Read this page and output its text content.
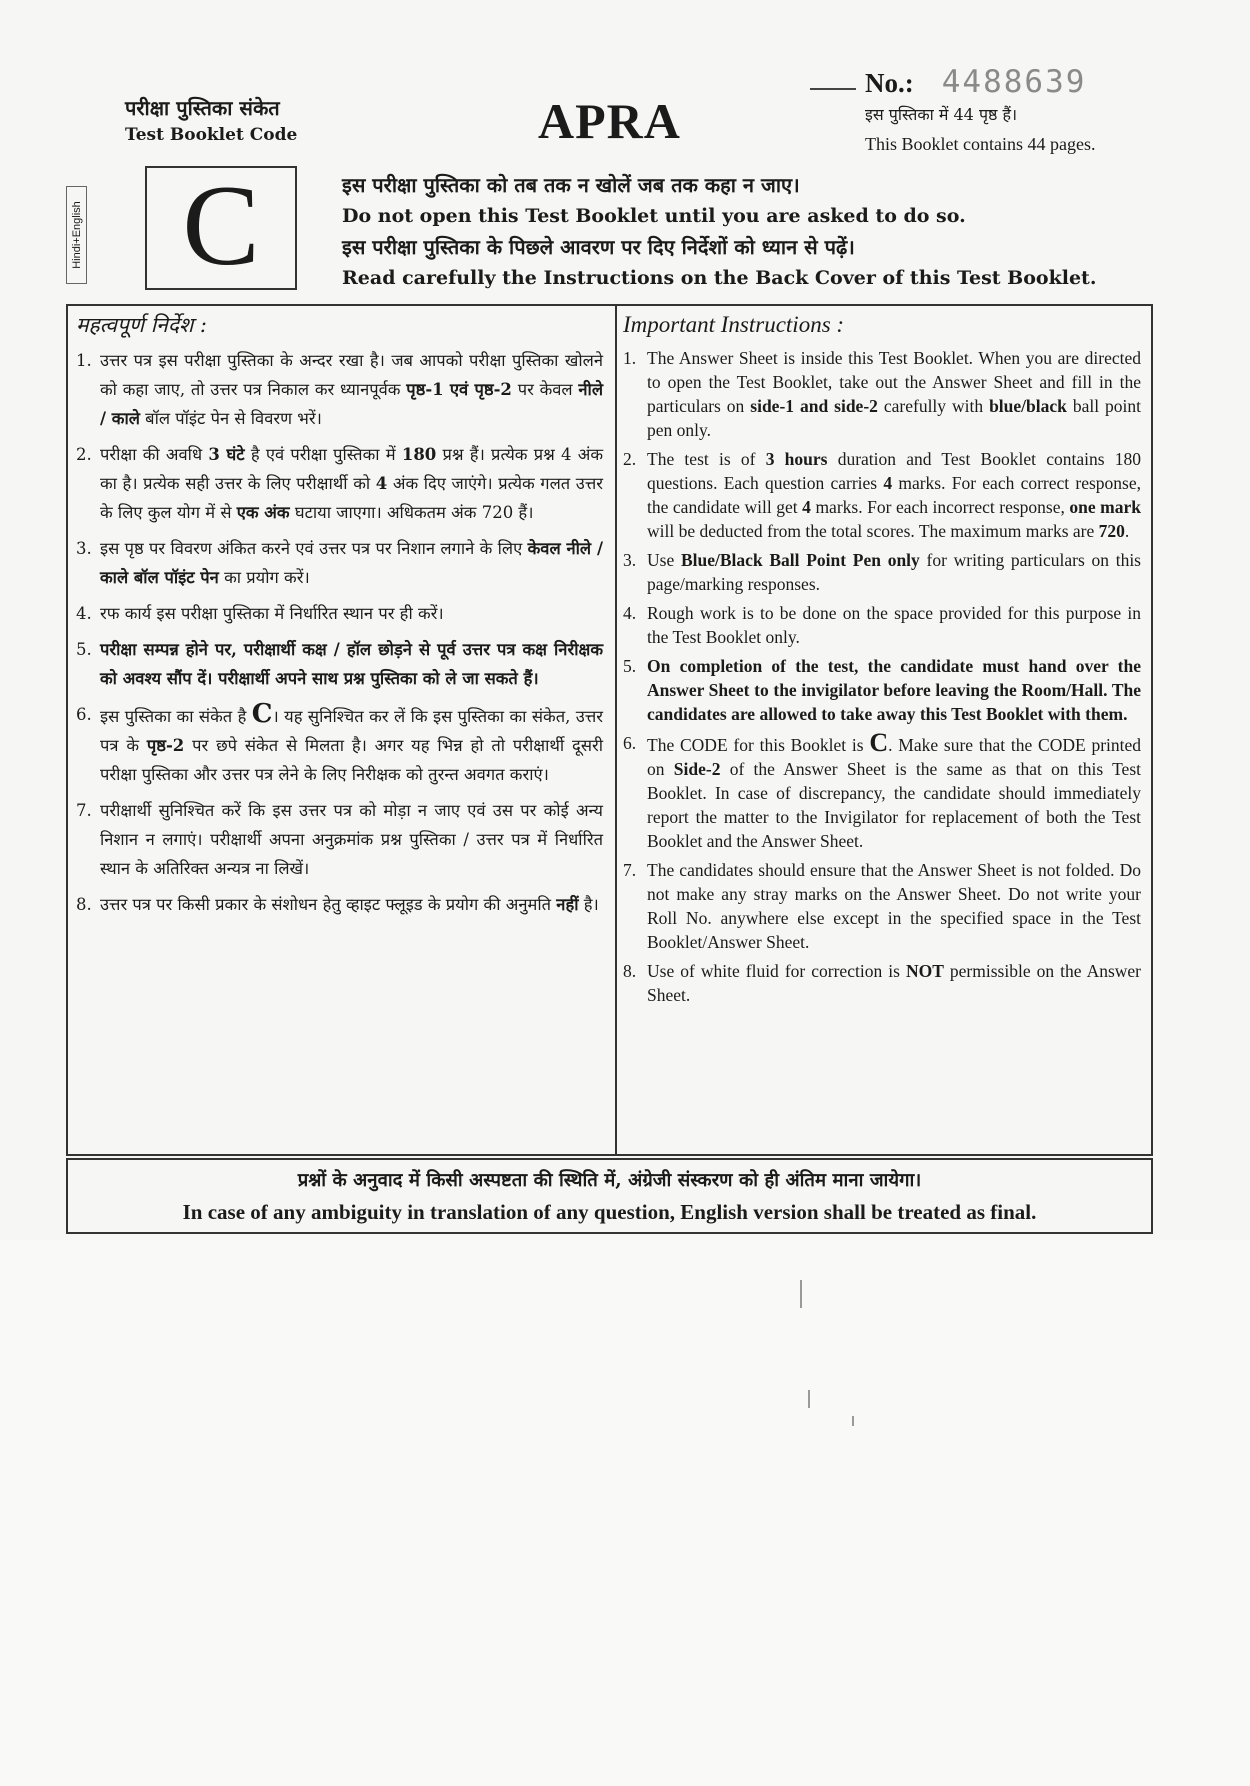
परीक्षा पुस्तिका संकेत
Test Booklet Code	APRA
No.: 4488639
इस पुस्तिका में 44 पृष्ठ हैं।
This Booklet contains 44 pages.
Hindi+English C	इस परीक्षा पुस्तिका को तब तक न खोलें जब तक कहा न जाए।
Do not open this Test Booklet until you are asked to do so.
इस परीक्षा पुस्तिका के पिछले आवरण पर दिए निर्देशों को ध्यान से पढ़ें।
Read carefully the Instructions on the Back Cover of this Test Booklet.
महत्वपूर्ण निर्देश :
1. उत्तर पत्र इस परीक्षा पुस्तिका के अन्दर रखा है। जब आपको परीक्षा पुस्तिका खोलने को कहा जाए, तो उत्तर पत्र निकाल कर ध्यानपूर्वक पृष्ठ-1 एवं पृष्ठ-2 पर केवल नीले / काले बॉल पॉइंट पेन से विवरण भरें।
2. परीक्षा की अवधि 3 घंटे है एवं परीक्षा पुस्तिका में 180 प्रश्न हैं। प्रत्येक प्रश्न 4 अंक का है। प्रत्येक सही उत्तर के लिए परीक्षार्थी को 4 अंक दिए जाएंगे। प्रत्येक गलत उत्तर के लिए कुल योग में से एक अंक घटाया जाएगा। अधिकतम अंक 720 हैं।
3. इस पृष्ठ पर विवरण अंकित करने एवं उत्तर पत्र पर निशान लगाने के लिए केवल नीले / काले बॉल पॉइंट पेन का प्रयोग करें।
4. रफ कार्य इस परीक्षा पुस्तिका में निर्धारित स्थान पर ही करें।
5. परीक्षा सम्पन्न होने पर, परीक्षार्थी कक्ष / हॉल छोड़ने से पूर्व उत्तर पत्र कक्ष निरीक्षक को अवश्य सौंप दें। परीक्षार्थी अपने साथ प्रश्न पुस्तिका को ले जा सकते हैं।
6. इस पुस्तिका का संकेत है C। यह सुनिश्चित कर लें कि इस पुस्तिका का संकेत, उत्तर पत्र के पृष्ठ-2 पर छपे संकेत से मिलता है। अगर यह भिन्न हो तो परीक्षार्थी दूसरी परीक्षा पुस्तिका और उत्तर पत्र लेने के लिए निरीक्षक को तुरन्त अवगत कराएं।
7. परीक्षार्थी सुनिश्चित करें कि इस उत्तर पत्र को मोड़ा न जाए एवं उस पर कोई अन्य निशान न लगाएं। परीक्षार्थी अपना अनुक्रमांक प्रश्न पुस्तिका / उत्तर पत्र में निर्धारित स्थान के अतिरिक्त अन्यत्र ना लिखें।
8. उत्तर पत्र पर किसी प्रकार के संशोधन हेतु व्हाइट फ्लूइड के प्रयोग की अनुमति नहीं है।
Important Instructions :
1. The Answer Sheet is inside this Test Booklet. When you are directed to open the Test Booklet, take out the Answer Sheet and fill in the particulars on side-1 and side-2 carefully with blue/black ball point pen only.
2. The test is of 3 hours duration and Test Booklet contains 180 questions. Each question carries 4 marks. For each correct response, the candidate will get 4 marks. For each incorrect response, one mark will be deducted from the total scores. The maximum marks are 720.
3. Use Blue/Black Ball Point Pen only for writing particulars on this page/marking responses.
4. Rough work is to be done on the space provided for this purpose in the Test Booklet only.
5. On completion of the test, the candidate must hand over the Answer Sheet to the invigilator before leaving the Room/Hall. The candidates are allowed to take away this Test Booklet with them.
6. The CODE for this Booklet is C. Make sure that the CODE printed on Side-2 of the Answer Sheet is the same as that on this Test Booklet. In case of discrepancy, the candidate should immediately report the matter to the Invigilator for replacement of both the Test Booklet and the Answer Sheet.
7. The candidates should ensure that the Answer Sheet is not folded. Do not make any stray marks on the Answer Sheet. Do not write your Roll No. anywhere else except in the specified space in the Test Booklet/Answer Sheet.
8. Use of white fluid for correction is NOT permissible on the Answer Sheet.
प्रश्नों के अनुवाद में किसी अस्पष्टता की स्थिति में, अंग्रेजी संस्करण को ही अंतिम माना जायेगा।
In case of any ambiguity in translation of any question, English version shall be treated as final.
